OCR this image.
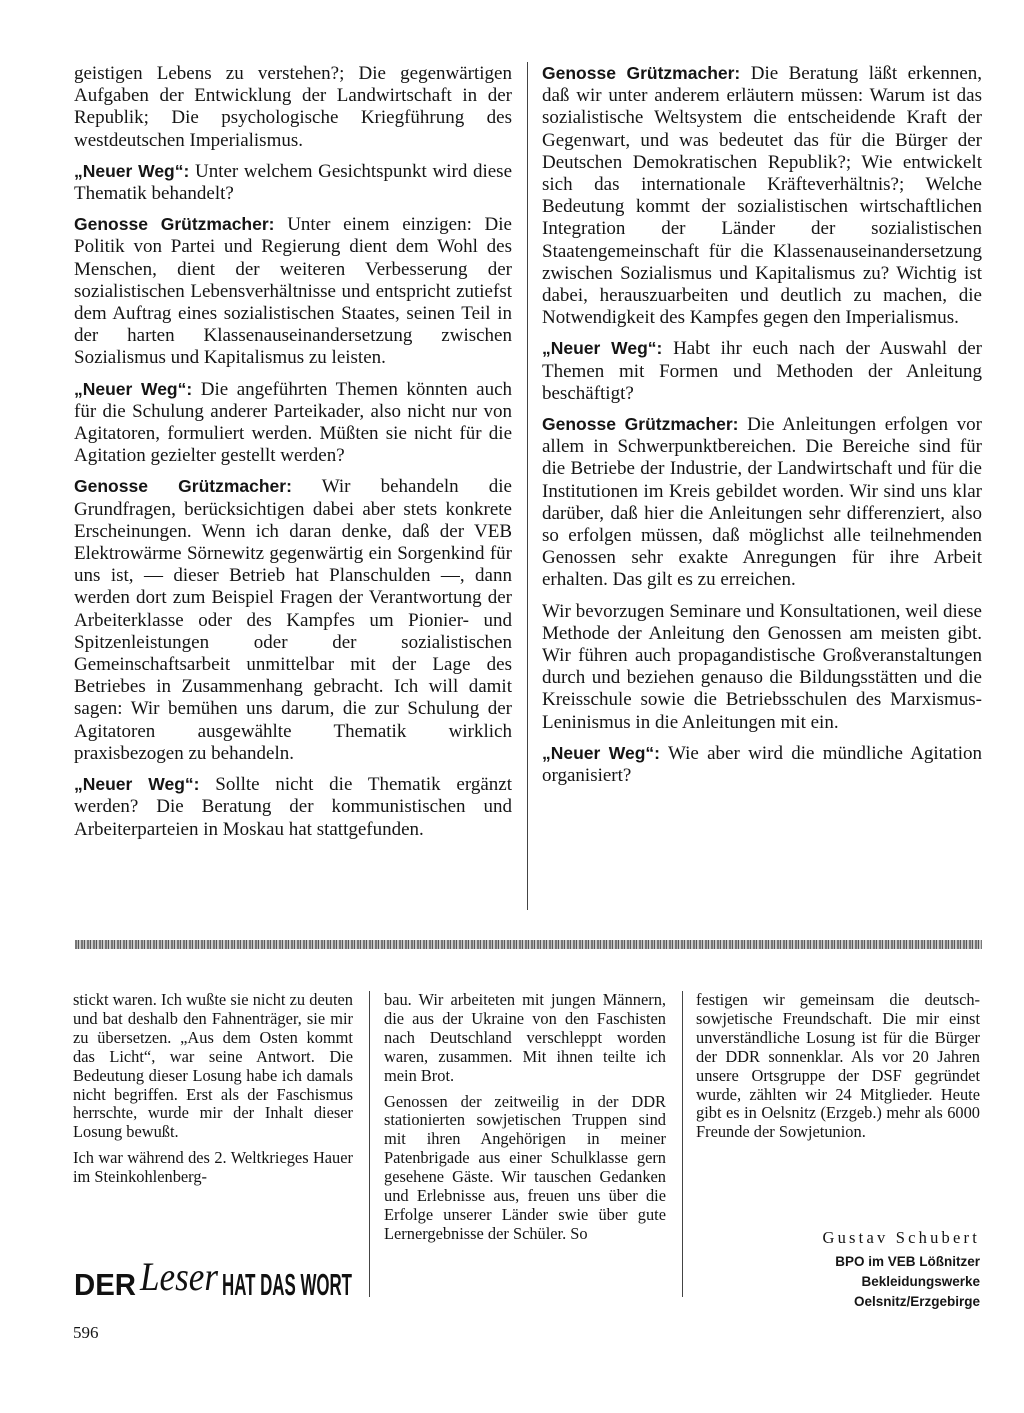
geistigen Lebens zu verstehen?; Die gegenwärtigen Aufgaben der Entwicklung der Landwirtschaft in der Republik; Die psychologische Kriegführung des westdeutschen Imperialismus.

„Neuer Weg“: Unter welchem Gesichtspunkt wird diese Thematik behandelt?

Genosse Grützmacher: Unter einem einzigen: Die Politik von Partei und Regierung dient dem Wohl des Menschen, dient der weiteren Verbesserung der sozialistischen Lebensverhältnisse und entspricht zutiefst dem Auftrag eines sozialistischen Staates, seinen Teil in der harten Klassenauseinandersetzung zwischen Sozialismus und Kapitalismus zu leisten.

„Neuer Weg“: Die angeführten Themen könnten auch für die Schulung anderer Parteikader, also nicht nur von Agitatoren, formuliert werden. Müßten sie nicht für die Agitation gezielter gestellt werden?

Genosse Grützmacher: Wir behandeln die Grundfragen, berücksichtigen dabei aber stets konkrete Erscheinungen. Wenn ich daran denke, daß der VEB Elektrowärme Sörnewitz gegenwärtig ein Sorgenkind für uns ist, — dieser Betrieb hat Planschulden —, dann werden dort zum Beispiel Fragen der Verantwortung der Arbeiterklasse oder des Kampfes um Pionier- und Spitzenleistungen oder der sozialistischen Gemeinschaftsarbeit unmittelbar mit der Lage des Betriebes in Zusammenhang gebracht. Ich will damit sagen: Wir bemühen uns darum, die zur Schulung der Agitatoren ausgewählte Thematik wirklich praxisbezogen zu behandeln.

„Neuer Weg“: Sollte nicht die Thematik ergänzt werden? Die Beratung der kommunistischen und Arbeiterparteien in Moskau hat stattgefunden.

Genosse Grützmacher: Die Beratung läßt erkennen, daß wir unter anderem erläutern müssen: Warum ist das sozialistische Weltsystem die entscheidende Kraft der Gegenwart, und was bedeutet das für die Bürger der Deutschen Demokratischen Republik?; Wie entwickelt sich das internationale Kräfteverhältnis?; Welche Bedeutung kommt der sozialistischen wirtschaftlichen Integration der Länder der sozialistischen Staatengemeinschaft für die Klassenauseinandersetzung zwischen Sozialismus und Kapitalismus zu? Wichtig ist dabei, herauszuarbeiten und deutlich zu machen, die Notwendigkeit des Kampfes gegen den Imperialismus.

„Neuer Weg“: Habt ihr euch nach der Auswahl der Themen mit Formen und Methoden der Anleitung beschäftigt?

Genosse Grützmacher: Die Anleitungen erfolgen vor allem in Schwerpunktbereichen. Die Bereiche sind für die Betriebe der Industrie, der Landwirtschaft und für die Institutionen im Kreis gebildet worden. Wir sind uns klar darüber, daß hier die Anleitungen sehr differenziert, also so erfolgen müssen, daß möglichst alle teilnehmenden Genossen sehr exakte Anregungen für ihre Arbeit erhalten. Das gilt es zu erreichen.

Wir bevorzugen Seminare und Konsultationen, weil diese Methode der Anleitung den Genossen am meisten gibt. Wir führen auch propagandistische Großveranstaltungen durch und beziehen genauso die Bildungsstätten und die Kreisschule sowie die Betriebsschulen des Marxismus-Leninismus in die Anleitungen mit ein.

„Neuer Weg“: Wie aber wird die mündliche Agitation organisiert?

stickt waren. Ich wußte sie nicht zu deuten und bat deshalb den Fahnenträger, sie mir zu übersetzen. „Aus dem Osten kommt das Licht“, war seine Antwort. Die Bedeutung dieser Losung habe ich damals nicht begriffen. Erst als der Faschismus herrschte, wurde mir der Inhalt dieser Losung bewußt.

Ich war während des 2. Weltkrieges Hauer im Steinkohlenberg-

bau. Wir arbeiteten mit jungen Männern, die aus der Ukraine von den Faschisten nach Deutschland verschleppt worden waren, zusammen. Mit ihnen teilte ich mein Brot.

Genossen der zeitweilig in der DDR stationierten sowjetischen Truppen sind mit ihren Angehörigen in meiner Patenbrigade aus einer Schulklasse gern gesehene Gäste. Wir tauschen Gedanken und Erlebnisse aus, freuen uns über die Erfolge unserer Länder swie über gute Lernergebnisse der Schüler. So

festigen wir gemeinsam die deutsch-sowjetische Freundschaft. Die mir einst unverständliche Losung ist für die Bürger der DDR sonnenklar. Als vor 20 Jahren unsere Ortsgruppe der DSF gegründet wurde, zählten wir 24 Mitglieder. Heute gibt es in Oelsnitz (Erzgeb.) mehr als 6000 Freunde der Sowjetunion.

Gustav Schubert
BPO im VEB Lößnitzer
Bekleidungswerke
Oelsnitz/Erzgebirge
DER Leser HAT DAS WORT
596
